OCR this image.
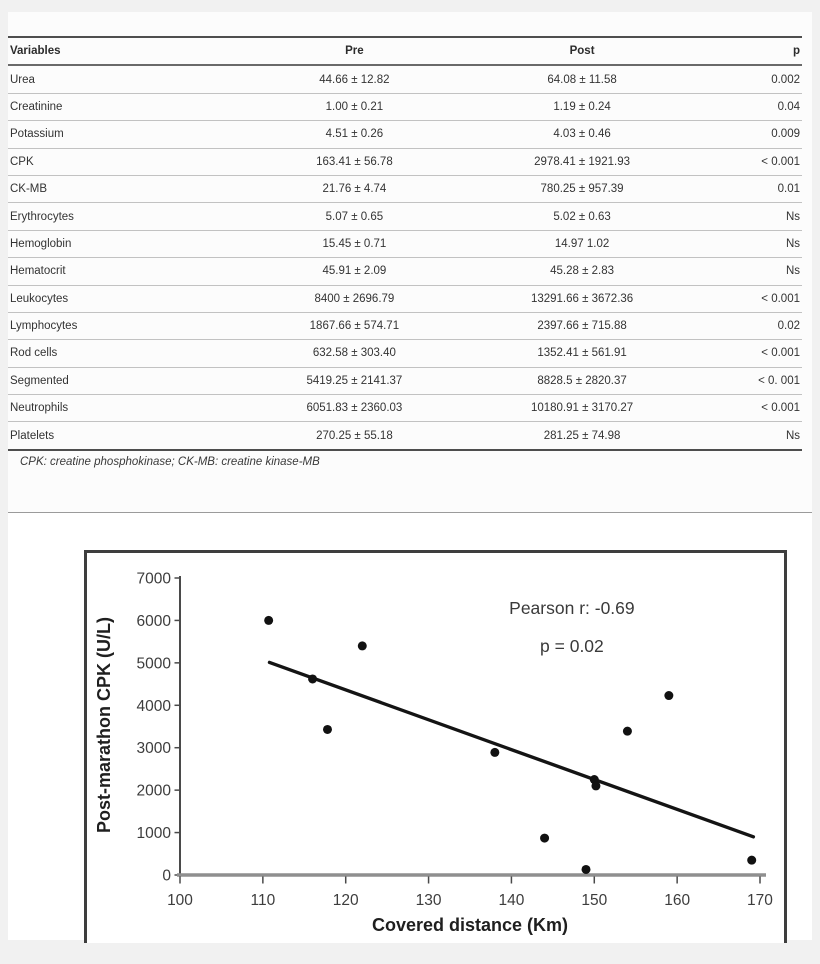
Variables	Pre	Post	p
Urea	44.66 ± 12.82	64.08 ± 11.58	0.002
Creatinine	1.00 ± 0.21	1.19 ± 0.24	0.04
Potassium	4.51 ± 0.26	4.03 ± 0.46	0.009
CPK	163.41 ± 56.78	2978.41 ± 1921.93	< 0.001
CK-MB	21.76 ± 4.74	780.25 ± 957.39	0.01
Erythrocytes	5.07 ± 0.65	5.02 ± 0.63	Ns
Hemoglobin	15.45 ± 0.71	14.97 1.02	Ns
Hematocrit	45.91 ± 2.09	45.28 ± 2.83	Ns
Leukocytes	8400 ± 2696.79	13291.66 ± 3672.36	< 0.001
Lymphocytes	1867.66 ± 574.71	2397.66 ± 715.88	0.02
Rod cells	632.58 ± 303.40	1352.41 ± 561.91	< 0.001
Segmented	5419.25 ± 2141.37	8828.5 ± 2820.37	< 0. 001
Neutrophils	6051.83 ± 2360.03	10180.91 ± 3170.27	< 0.001
Platelets	270.25 ± 55.18	281.25 ± 74.98	Ns
CPK: creatine phosphokinase; CK-MB: creatine kinase-MB
0
1000
2000
3000
4000
5000
6000
7000
100	110	120	130	140	150	160	170
Pearson r: -0.69
p = 0.02
Covered distance (Km)
Post-marathon CPK (U/L)
